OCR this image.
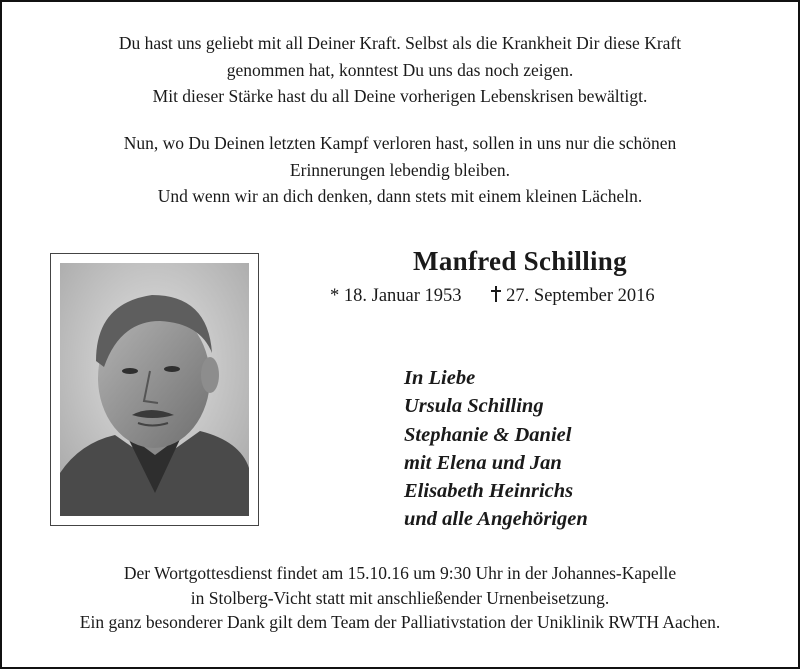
Du hast uns geliebt mit all Deiner Kraft. Selbst als die Krankheit Dir diese Kraft

genommen hat, konntest Du uns das noch zeigen.

Mit dieser Stärke hast du all Deine vorherigen Lebenskrisen bewältigt.

Nun, wo Du Deinen letzten Kampf verloren hast, sollen in uns nur die schönen

Erinnerungen lebendig bleiben.

Und wenn wir an dich denken, dann stets mit einem kleinen Lächeln.

Manfred Schilling
* 18. Januar 1953 27. September 2016
In Liebe
Ursula Schilling
Stephanie & Daniel
mit Elena und Jan
Elisabeth Heinrichs
und alle Angehörigen

Der Wortgottesdienst findet am 15.10.16 um 9:30 Uhr in der Johannes-Kapelle

in Stolberg-Vicht statt mit anschließender Urnenbeisetzung.

Ein ganz besonderer Dank gilt dem Team der Palliativstation der Uniklinik RWTH Aachen.
